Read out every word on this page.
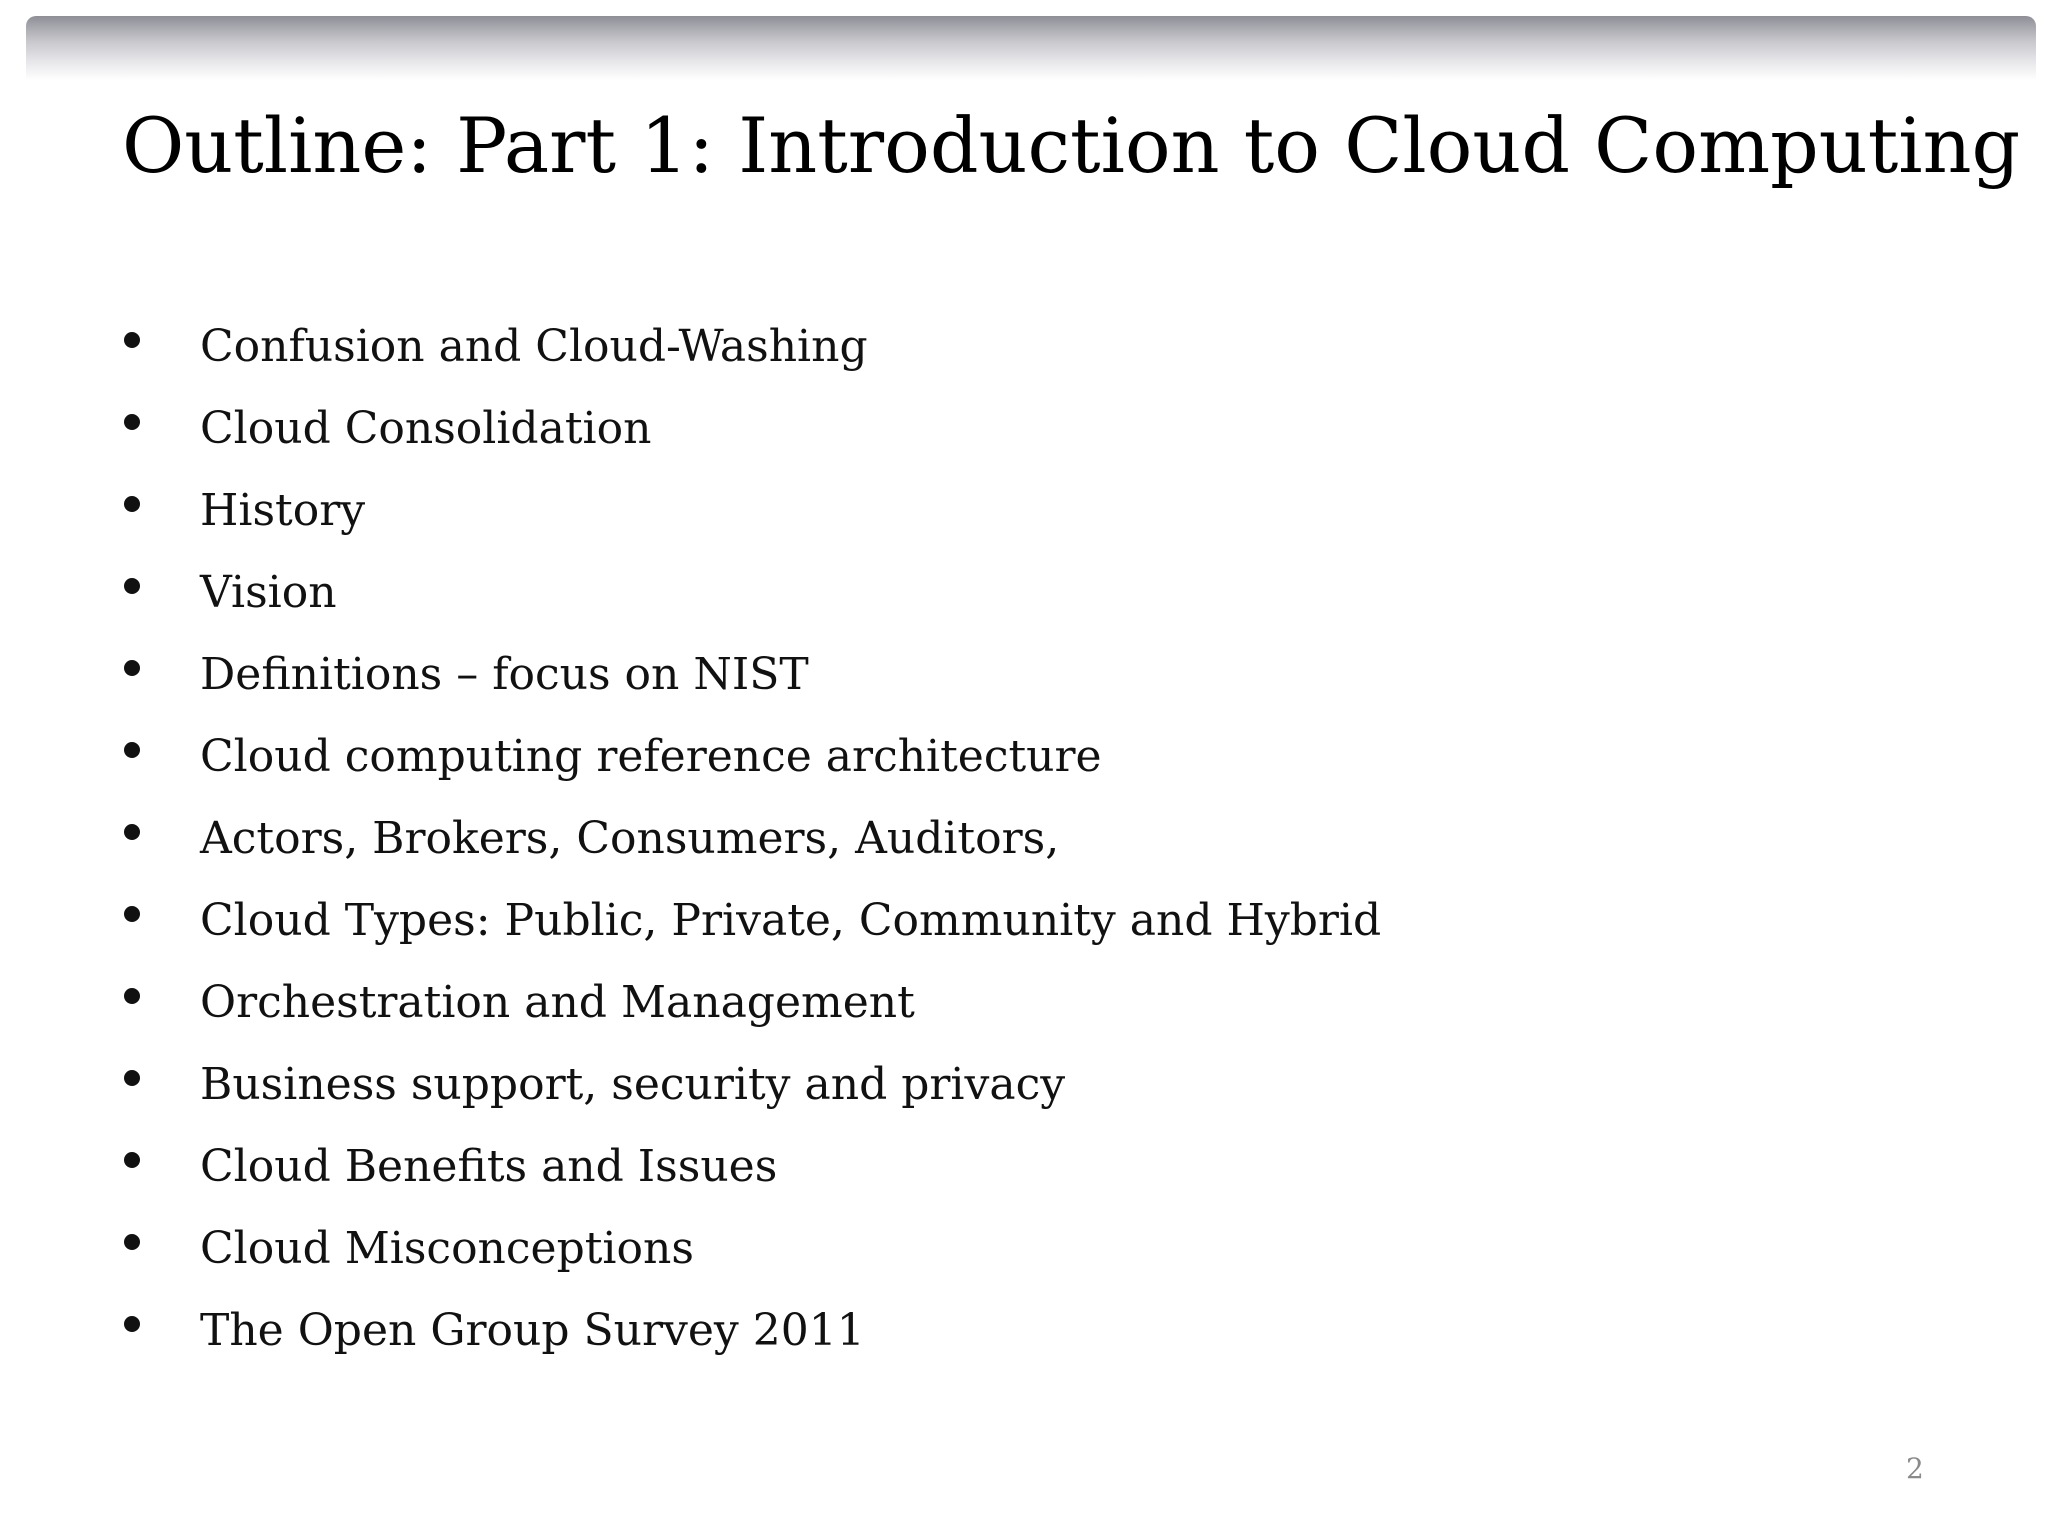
Outline: Part 1: Introduction to Cloud Computing
Confusion and Cloud-Washing
Cloud Consolidation
History
Vision
Definitions – focus on NIST
Cloud computing reference architecture
Actors, Brokers, Consumers, Auditors,
Cloud Types: Public, Private, Community and Hybrid
Orchestration and Management
Business support, security and privacy
Cloud Benefits and Issues
Cloud Misconceptions
The Open Group Survey 2011
2
